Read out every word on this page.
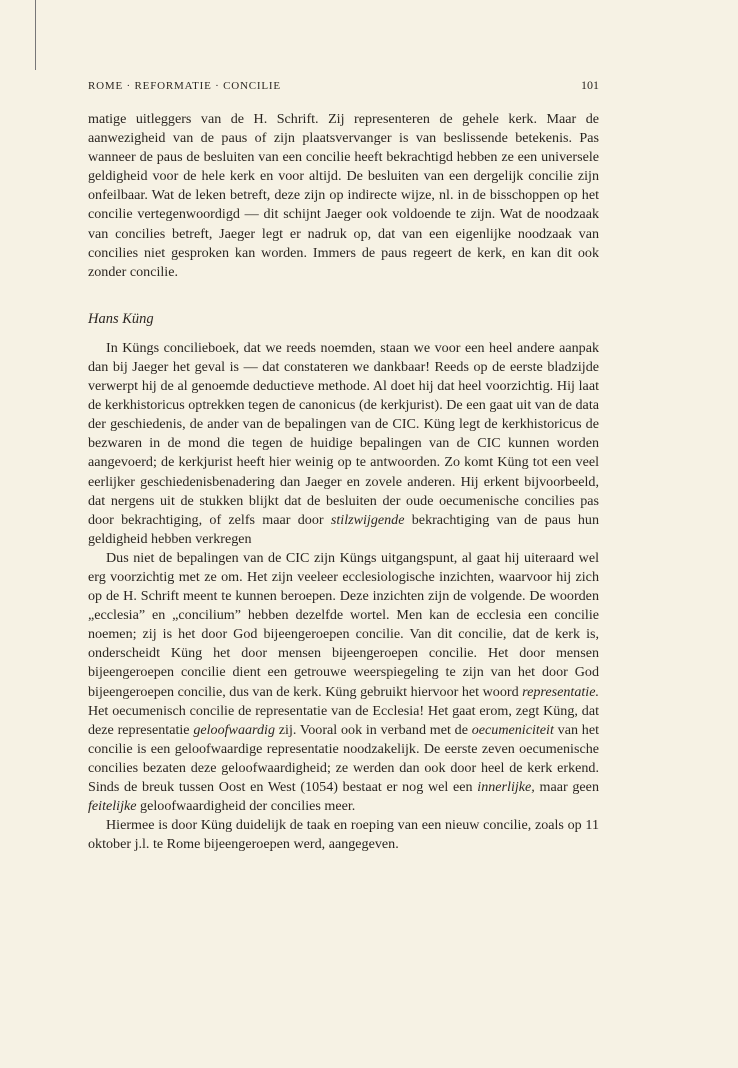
ROME · REFORMATIE · CONCILIE	101

matige uitleggers van de H. Schrift. Zij representeren de gehele kerk. Maar de aanwezigheid van de paus of zijn plaatsvervanger is van beslissende betekenis. Pas wanneer de paus de besluiten van een concilie heeft bekrachtigd hebben ze een universele geldigheid voor de hele kerk en voor altijd. De besluiten van een dergelijk concilie zijn onfeilbaar. Wat de leken betreft, deze zijn op indirecte wijze, nl. in de bisschoppen op het concilie vertegenwoordigd — dit schijnt Jaeger ook voldoende te zijn. Wat de noodzaak van concilies betreft, Jaeger legt er nadruk op, dat van een eigenlijke noodzaak van concilies niet gesproken kan worden. Immers de paus regeert de kerk, en kan dit ook zonder concilie.

Hans Küng

In Küngs concilieboek, dat we reeds noemden, staan we voor een heel andere aanpak dan bij Jaeger het geval is — dat constateren we dankbaar! Reeds op de eerste bladzijde verwerpt hij de al genoemde deductieve methode. Al doet hij dat heel voorzichtig. Hij laat de kerkhistoricus optrekken tegen de canonicus (de kerkjurist). De een gaat uit van de data der geschiedenis, de ander van de bepalingen van de CIC. Küng legt de kerkhistoricus de bezwaren in de mond die tegen de huidige bepalingen van de CIC kunnen worden aangevoerd; de kerkjurist heeft hier weinig op te antwoorden. Zo komt Küng tot een veel eerlijker geschiedenisbenadering dan Jaeger en zovele anderen. Hij erkent bijvoorbeeld, dat nergens uit de stukken blijkt dat de besluiten der oude oecumenische concilies pas door bekrachtiging, of zelfs maar door stilzwijgende bekrachtiging van de paus hun geldigheid hebben verkregen

Dus niet de bepalingen van de CIC zijn Küngs uitgangspunt, al gaat hij uiteraard wel erg voorzichtig met ze om. Het zijn veeleer ecclesiologische inzichten, waarvoor hij zich op de H. Schrift meent te kunnen beroepen. Deze inzichten zijn de volgende. De woorden „ecclesia” en „concilium” hebben dezelfde wortel. Men kan de ecclesia een concilie noemen; zij is het door God bijeengeroepen concilie. Van dit concilie, dat de kerk is, onderscheidt Küng het door mensen bijeengeroepen concilie. Het door mensen bijeengeroepen concilie dient een getrouwe weerspiegeling te zijn van het door God bijeengeroepen concilie, dus van de kerk. Küng gebruikt hiervoor het woord representatie. Het oecumenisch concilie de representatie van de Ecclesia! Het gaat erom, zegt Küng, dat deze representatie geloofwaardig zij. Vooral ook in verband met de oecumeniciteit van het concilie is een geloofwaardige representatie noodzakelijk. De eerste zeven oecumenische concilies bezaten deze geloofwaardigheid; ze werden dan ook door heel de kerk erkend. Sinds de breuk tussen Oost en West (1054) bestaat er nog wel een innerlijke, maar geen feitelijke geloofwaardigheid der concilies meer.

Hiermee is door Küng duidelijk de taak en roeping van een nieuw concilie, zoals op 11 oktober j.l. te Rome bijeengeroepen werd, aangegeven.
